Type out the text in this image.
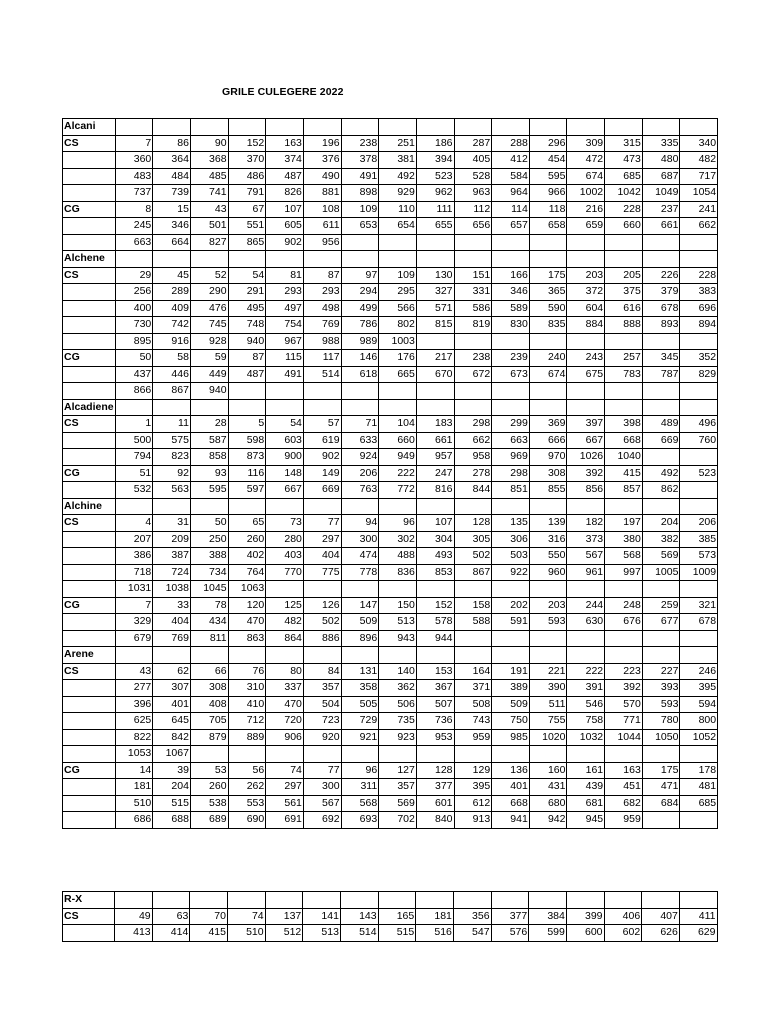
GRILE CULEGERE 2022
Alcani																
CS	7	86	90	152	163	196	238	251	186	287	288	296	309	315	335	340
	360	364	368	370	374	376	378	381	394	405	412	454	472	473	480	482
	483	484	485	486	487	490	491	492	523	528	584	595	674	685	687	717
	737	739	741	791	826	881	898	929	962	963	964	966	1002	1042	1049	1054
CG	8	15	43	67	107	108	109	110	111	112	114	118	216	228	237	241
	245	346	501	551	605	611	653	654	655	656	657	658	659	660	661	662
	663	664	827	865	902	956										
Alchene																
CS	29	45	52	54	81	87	97	109	130	151	166	175	203	205	226	228
	256	289	290	291	293	293	294	295	327	331	346	365	372	375	379	383
	400	409	476	495	497	498	499	566	571	586	589	590	604	616	678	696
	730	742	745	748	754	769	786	802	815	819	830	835	884	888	893	894
	895	916	928	940	967	988	989	1003								
CG	50	58	59	87	115	117	146	176	217	238	239	240	243	257	345	352
	437	446	449	487	491	514	618	665	670	672	673	674	675	783	787	829
	866	867	940													
Alcadiene																
CS	1	11	28	5	54	57	71	104	183	298	299	369	397	398	489	496
	500	575	587	598	603	619	633	660	661	662	663	666	667	668	669	760
	794	823	858	873	900	902	924	949	957	958	969	970	1026	1040		
CG	51	92	93	116	148	149	206	222	247	278	298	308	392	415	492	523
	532	563	595	597	667	669	763	772	816	844	851	855	856	857	862	
Alchine																
CS	4	31	50	65	73	77	94	96	107	128	135	139	182	197	204	206
	207	209	250	260	280	297	300	302	304	305	306	316	373	380	382	385
	386	387	388	402	403	404	474	488	493	502	503	550	567	568	569	573
	718	724	734	764	770	775	778	836	853	867	922	960	961	997	1005	1009
	1031	1038	1045	1063												
CG	7	33	78	120	125	126	147	150	152	158	202	203	244	248	259	321
	329	404	434	470	482	502	509	513	578	588	591	593	630	676	677	678
	679	769	811	863	864	886	896	943	944							
Arene																
CS	43	62	66	76	80	84	131	140	153	164	191	221	222	223	227	246
	277	307	308	310	337	357	358	362	367	371	389	390	391	392	393	395
	396	401	408	410	470	504	505	506	507	508	509	511	546	570	593	594
	625	645	705	712	720	723	729	735	736	743	750	755	758	771	780	800
	822	842	879	889	906	920	921	923	953	959	985	1020	1032	1044	1050	1052
	1053	1067														
CG	14	39	53	56	74	77	96	127	128	129	136	160	161	163	175	178
	181	204	260	262	297	300	311	357	377	395	401	431	439	451	471	481
	510	515	538	553	561	567	568	569	601	612	668	680	681	682	684	685
	686	688	689	690	691	692	693	702	840	913	941	942	945	959		
R-X																
CS	49	63	70	74	137	141	143	165	181	356	377	384	399	406	407	411
	413	414	415	510	512	513	514	515	516	547	576	599	600	602	626	629
